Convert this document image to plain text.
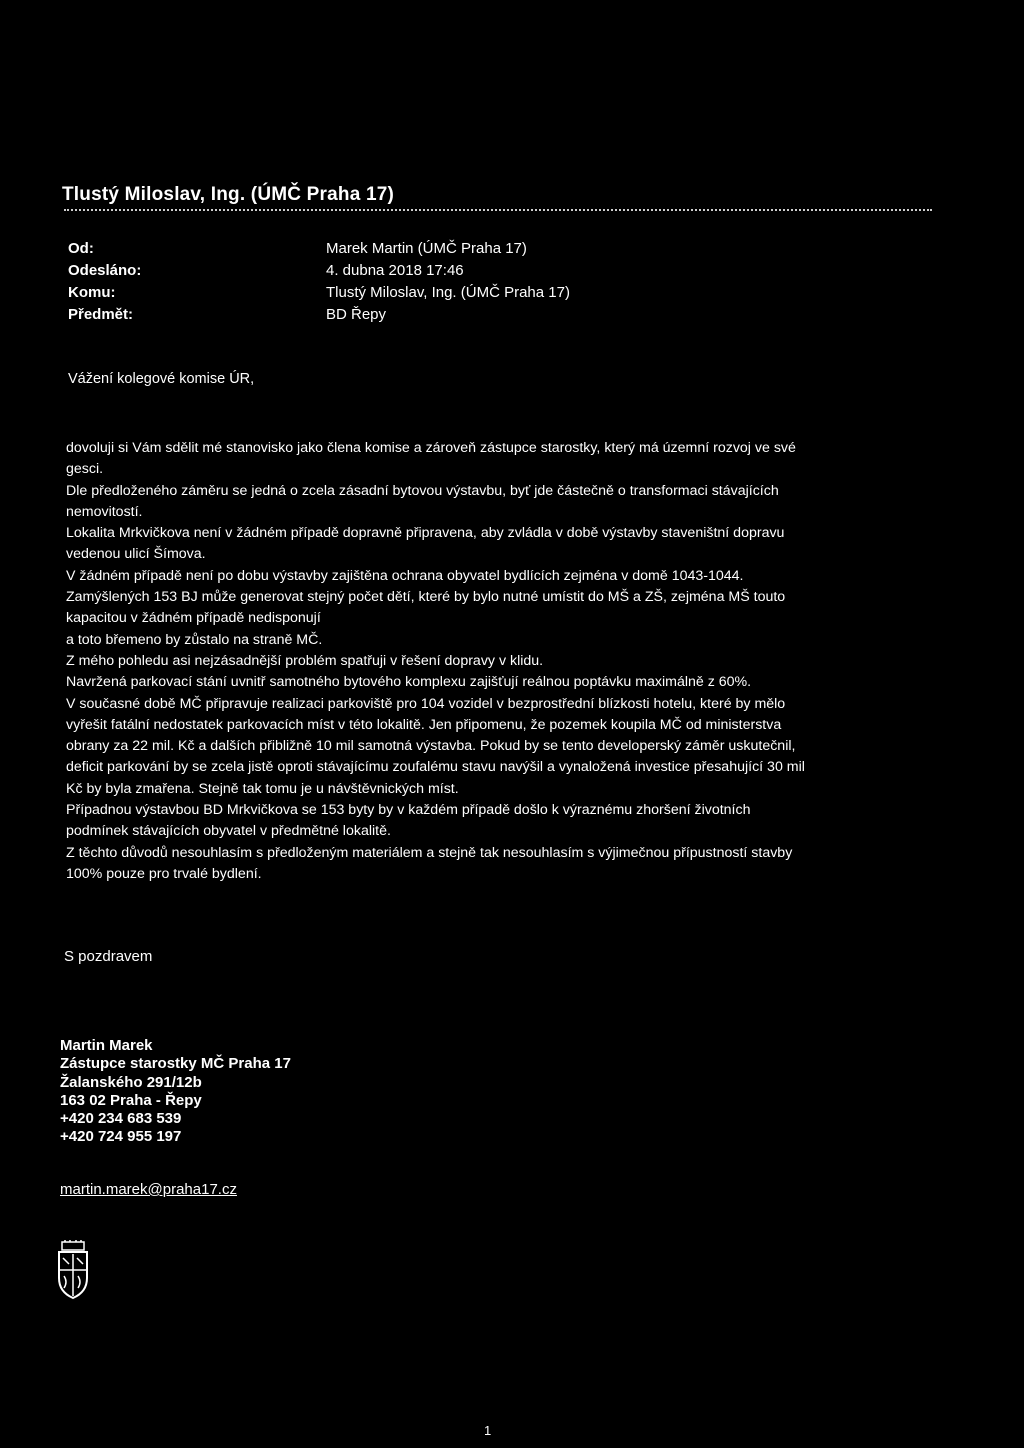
Tlustý Miloslav, Ing. (ÚMČ Praha 17)
Od:	Marek Martin (ÚMČ Praha 17)
Odesláno:	4. dubna 2018 17:46
Komu:	Tlustý Miloslav, Ing. (ÚMČ Praha 17)
Předmět:	BD Řepy
Vážení kolegové komise ÚR,

dovoluji si Vám sdělit mé stanovisko jako člena komise a zároveň zástupce starostky, který má územní rozvoj ve své

gesci.

Dle předloženého záměru se jedná o zcela zásadní bytovou výstavbu, byť jde částečně o transformaci stávajících

nemovitostí.

Lokalita Mrkvičkova není v žádném případě dopravně připravena, aby zvládla v době výstavby staveništní dopravu

vedenou ulicí Šímova.

V žádném případě není po dobu výstavby zajištěna ochrana obyvatel bydlících zejména v domě 1043-1044.

Zamýšlených 153 BJ může generovat stejný počet dětí, které by bylo nutné umístit do MŠ a ZŠ, zejména MŠ touto

kapacitou v žádném případě nedisponují

a toto břemeno by zůstalo na straně MČ.

Z mého pohledu asi nejzásadnější problém spatřuji v řešení dopravy v klidu.

Navržená parkovací stání uvnitř samotného bytového komplexu zajišťují reálnou poptávku maximálně z 60%.

V současné době MČ připravuje realizaci parkoviště pro 104 vozidel v bezprostřední blízkosti hotelu, které by mělo

vyřešit fatální nedostatek parkovacích míst v této lokalitě. Jen připomenu, že pozemek koupila MČ od ministerstva

obrany za 22 mil. Kč a dalších přibližně 10 mil samotná výstavba. Pokud by se tento developerský záměr uskutečnil,

deficit parkování by se zcela jistě oproti stávajícímu zoufalému stavu navýšil a vynaložená investice přesahující 30 mil

Kč by byla zmařena. Stejně tak tomu je u návštěvnických míst.

Případnou výstavbou BD Mrkvičkova se 153 byty by v každém případě došlo k výraznému zhoršení životních

podmínek stávajících obyvatel v předmětné lokalitě.

Z těchto důvodů nesouhlasím s předloženým materiálem a stejně tak nesouhlasím s výjimečnou přípustností stavby

100% pouze pro trvalé bydlení.

S pozdravem
Martin Marek
Zástupce starostky MČ Praha 17
Žalanského 291/12b
163 02 Praha - Řepy
+420 234 683 539
+420 724 955 197
martin.marek@praha17.cz
1
